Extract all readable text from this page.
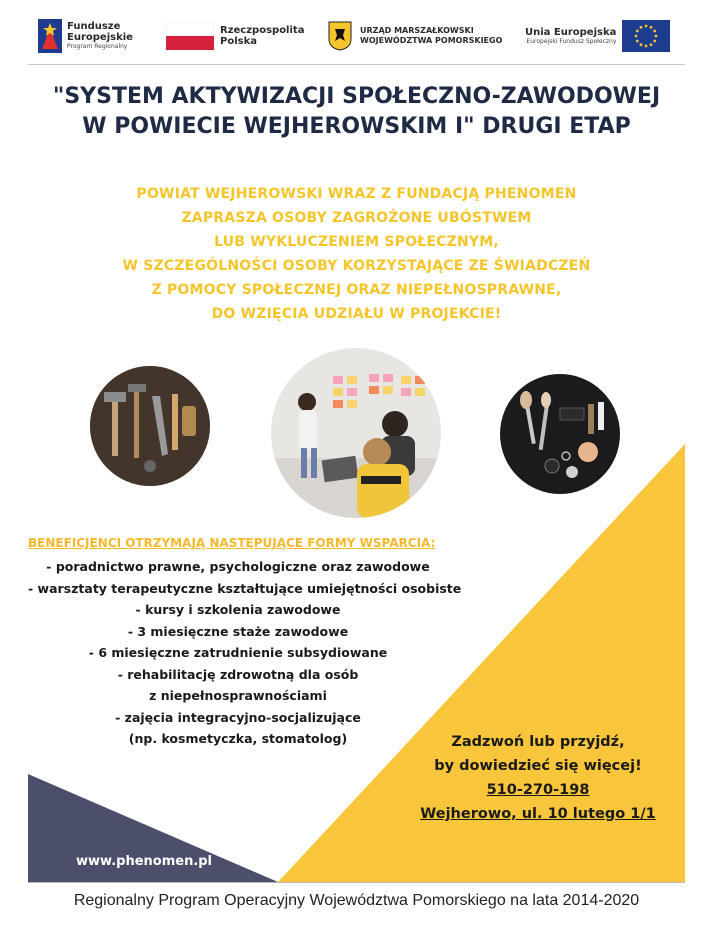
Fundusze
Europejskie
Program Regionalny
Rzeczpospolita
Polska
URZĄD MARSZAŁKOWSKI
WOJEWÓDZTWA POMORSKIEGO
Unia Europejska
Europejski Fundusz Społeczny
"SYSTEM AKTYWIZACJI SPOŁECZNO-ZAWODOWEJ
W POWIECIE WEJHEROWSKIM I" DRUGI ETAP
POWIAT WEJHEROWSKI WRAZ Z FUNDACJĄ PHENOMEN
ZAPRASZA OSOBY ZAGROŻONE UBÓSTWEM
LUB WYKLUCZENIEM SPOŁECZNYM,
W SZCZEGÓLNOŚCI OSOBY KORZYSTAJĄCE ZE ŚWIADCZEŃ
Z POMOCY SPOŁECZNEJ ORAZ NIEPEŁNOSPRAWNE,
DO WZIĘCIA UDZIAŁU W PROJEKCIE!
BENEFICJENCI OTRZYMAJĄ NASTĘPUJĄCE FORMY WSPARCIA:
- poradnictwo prawne, psychologiczne oraz zawodowe
- warsztaty terapeutyczne kształtujące umiejętności osobiste
- kursy i szkolenia zawodowe
- 3 miesięczne staże zawodowe
- 6 miesięczne zatrudnienie subsydiowane
- rehabilitację zdrowotną dla osób
z niepełnosprawnościami
- zajęcia integracyjno-socjalizujące
(np. kosmetyczka, stomatolog)	Zadzwoń lub przyjdź,
by dowiedzieć się więcej!
510-270-198
Wejherowo, ul. 10 lutego 1/1
www.phenomen.pl
Regionalny Program Operacyjny Województwa Pomorskiego na lata 2014-2020
